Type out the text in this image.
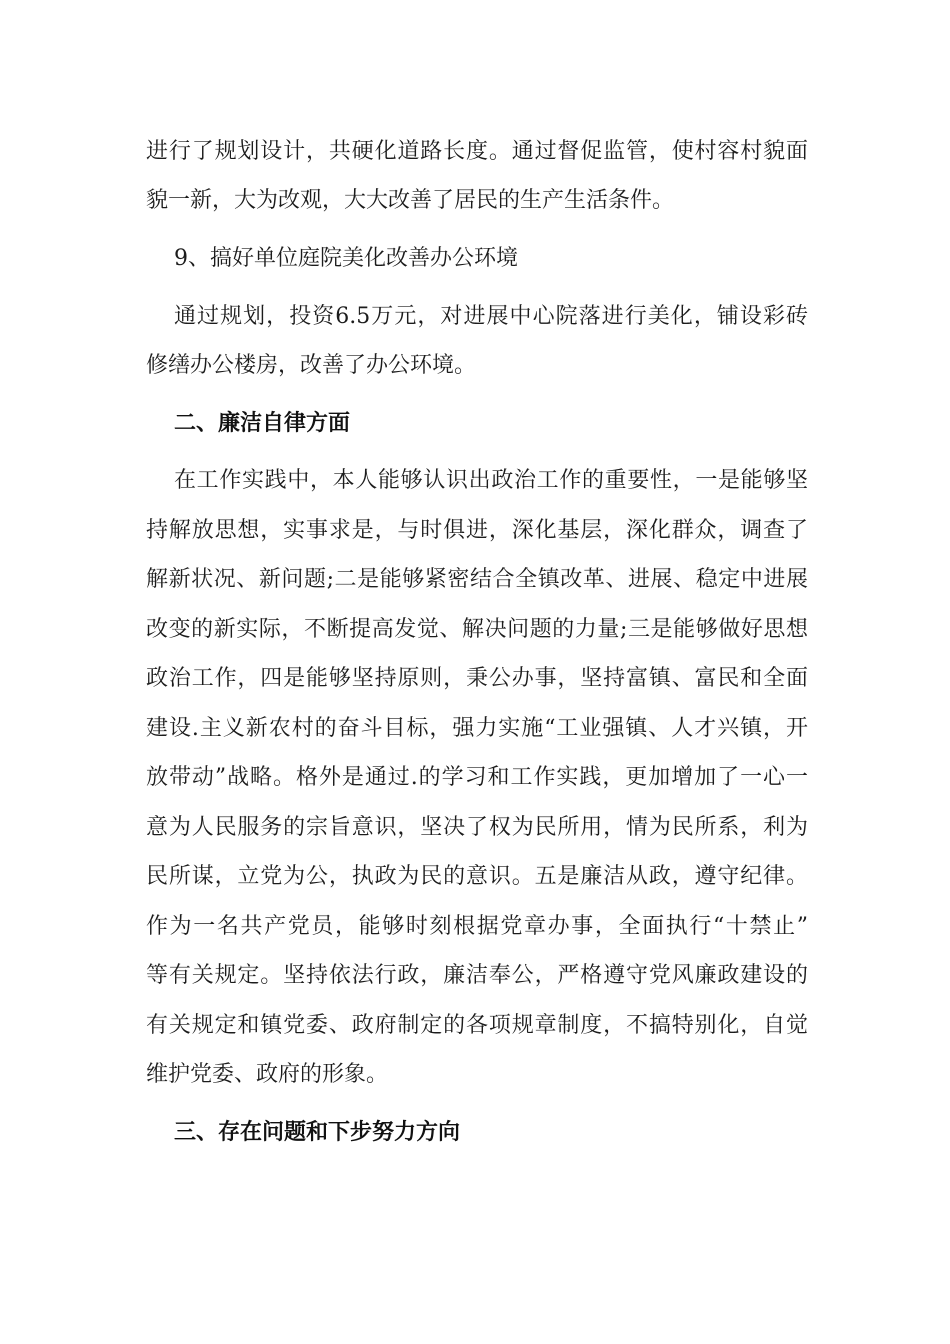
进行了规划设计，共硬化道路长度。通过督促监管，使村容村貌面
貌一新，大为改观，大大改善了居民的生产生活条件。
9、搞好单位庭院美化改善办公环境
通过规划，投资6.5万元，对进展中心院落进行美化，铺设彩砖
修缮办公楼房，改善了办公环境。
二、廉洁自律方面
在工作实践中，本人能够认识出政治工作的重要性，一是能够坚
持解放思想，实事求是，与时俱进，深化基层，深化群众，调查了
解新状况、新问题;二是能够紧密结合全镇改革、进展、稳定中进展
改变的新实际，不断提高发觉、解决问题的力量;三是能够做好思想
政治工作，四是能够坚持原则，秉公办事，坚持富镇、富民和全面
建设.主义新农村的奋斗目标，强力实施“工业强镇、人才兴镇，开
放带动”战略。格外是通过.的学习和工作实践，更加增加了一心一
意为人民服务的宗旨意识，坚决了权为民所用，情为民所系，利为
民所谋，立党为公，执政为民的意识。五是廉洁从政，遵守纪律。
作为一名共产党员，能够时刻根据党章办事，全面执行“十禁止”
等有关规定。坚持依法行政，廉洁奉公，严格遵守党风廉政建设的
有关规定和镇党委、政府制定的各项规章制度，不搞特别化，自觉
维护党委、政府的形象。
三、存在问题和下步努力方向
